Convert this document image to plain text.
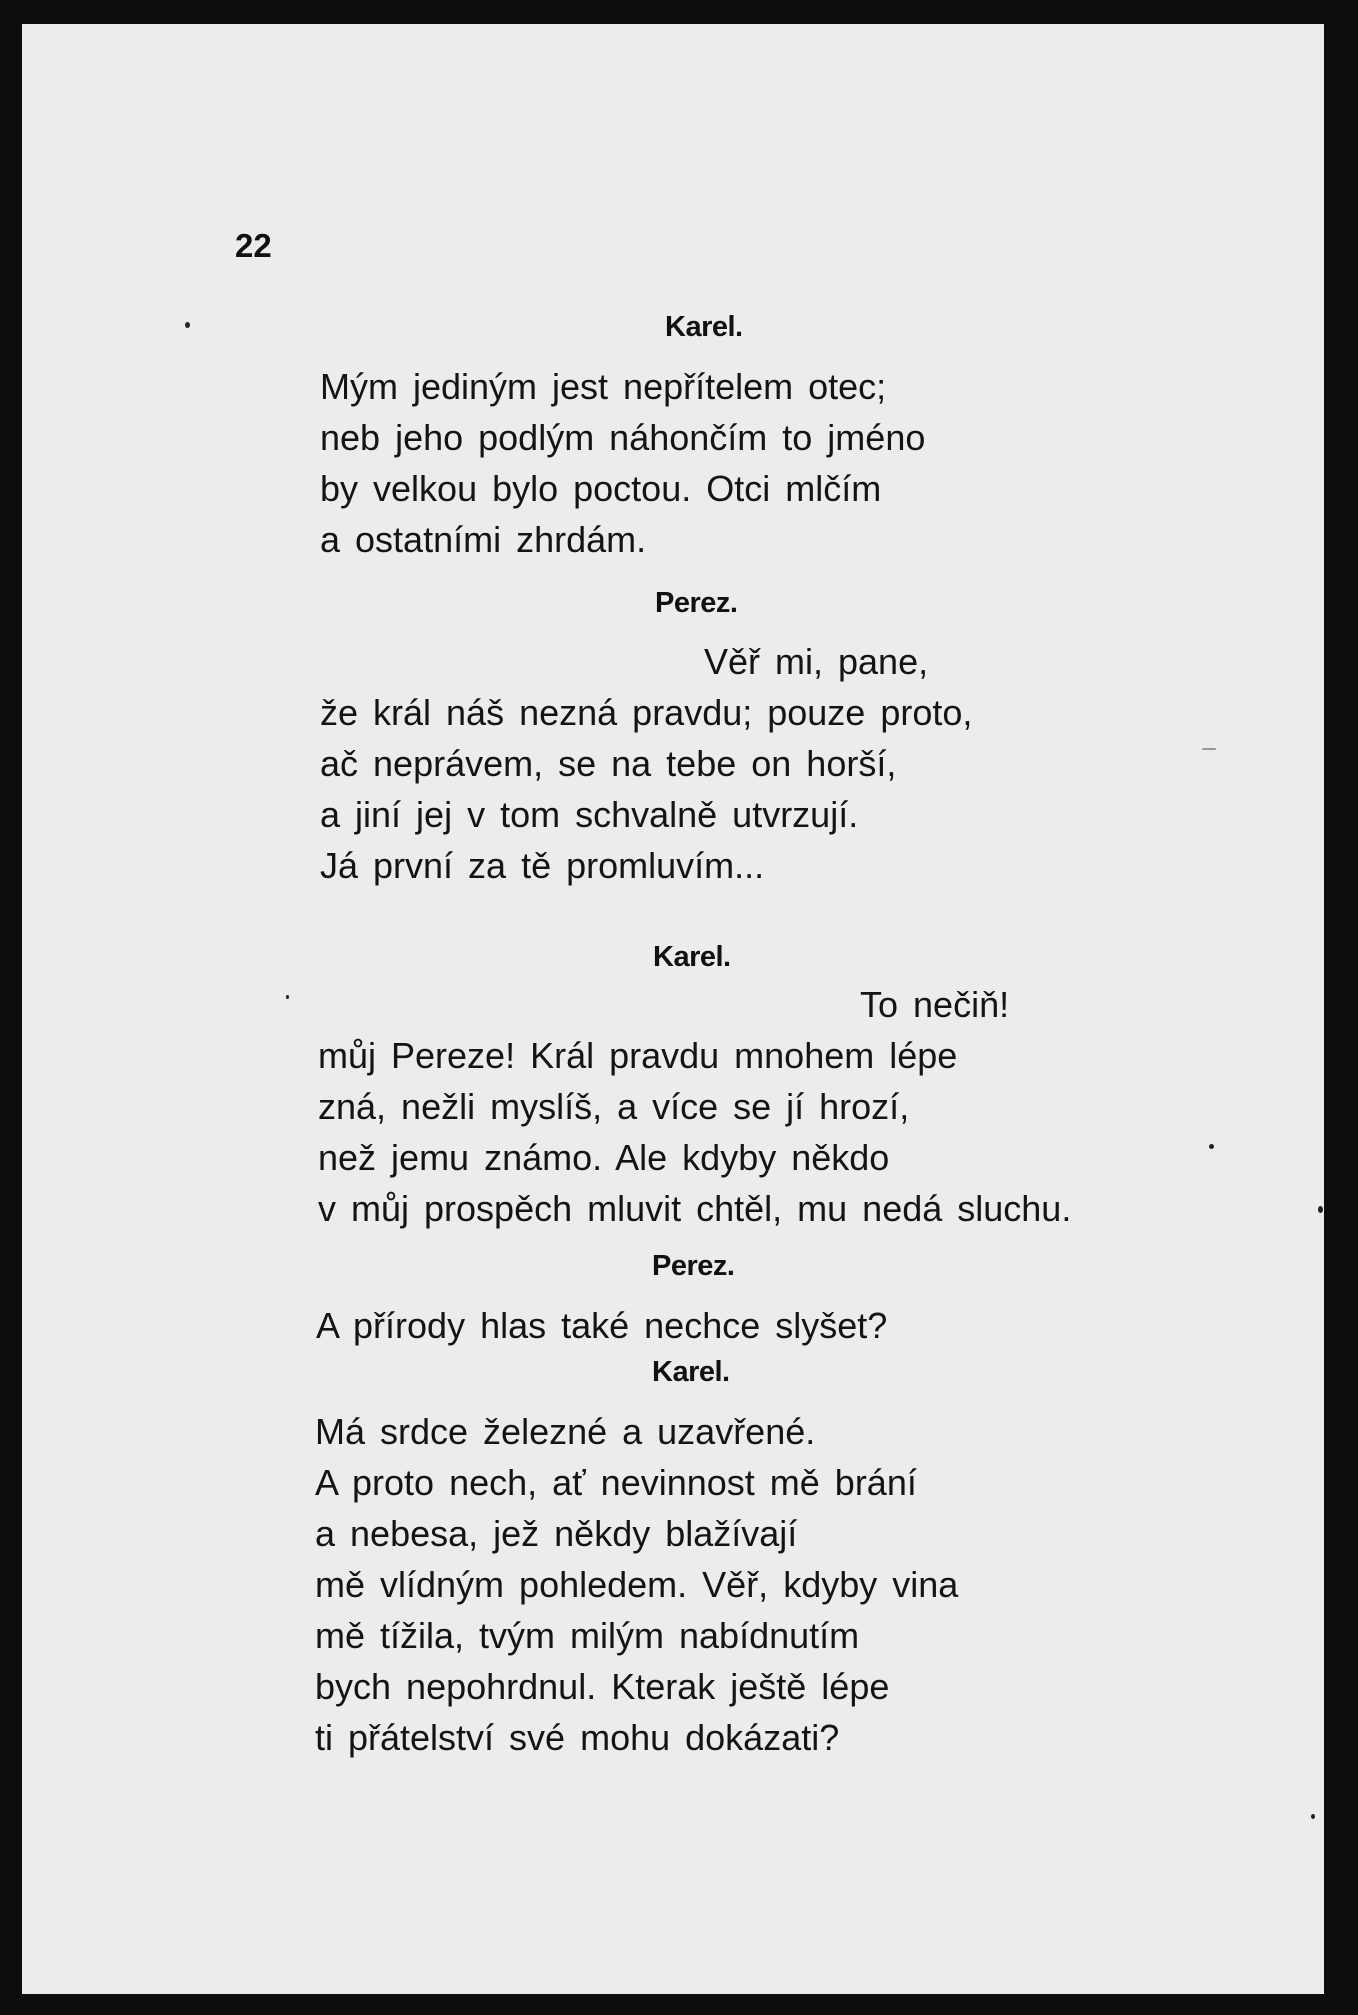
22

Karel.

Mým jediným jest nepřítelem otec;
neb jeho podlým náhončím to jméno
by velkou bylo poctou. Otci mlčím
a ostatními zhrdám.

Perez.

Věř mi, pane,
že král náš nezná pravdu; pouze proto,
ač neprávem, se na tebe on horší,
a jiní jej v tom schvalně utvrzují.
Já první za tě promluvím...

Karel.

To nečiň!
můj Pereze! Král pravdu mnohem lépe
zná, nežli myslíš, a více se jí hrozí,
než jemu známo. Ale kdyby někdo
v můj prospěch mluvit chtěl, mu nedá sluchu.

Perez.

A přírody hlas také nechce slyšet?

Karel.

Má srdce železné a uzavřené.
A proto nech, ať nevinnost mě brání
a nebesa, jež někdy blažívají
mě vlídným pohledem. Věř, kdyby vina
mě tížila, tvým milým nabídnutím
bych nepohrdnul. Kterak ještě lépe
ti přátelství své mohu dokázati?
